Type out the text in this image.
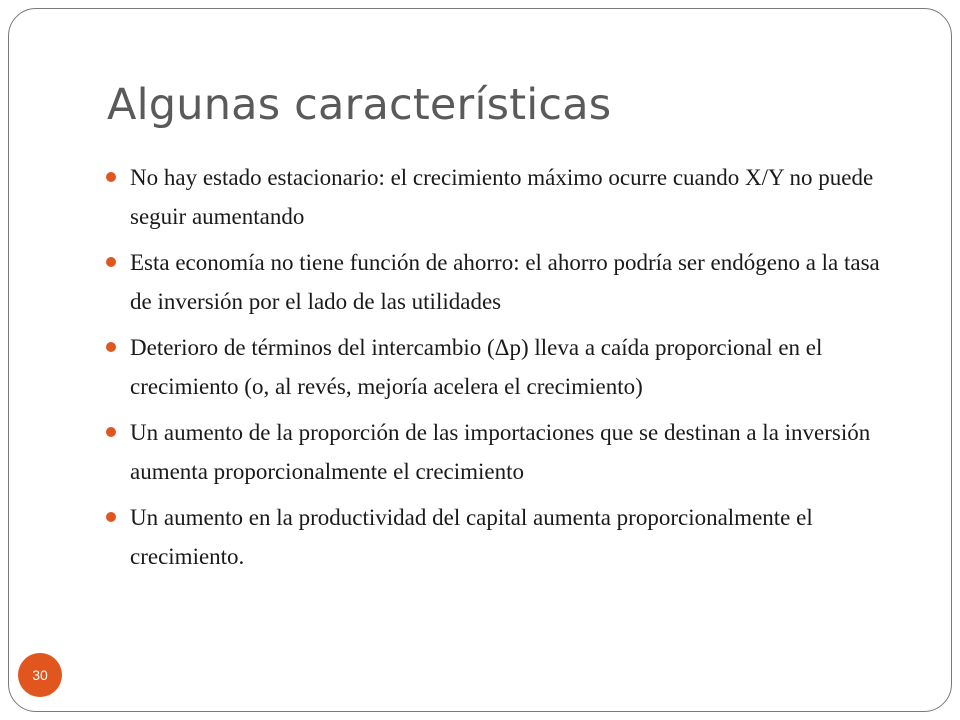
Algunas características
No hay estado estacionario: el crecimiento máximo ocurre cuando X/Y no puede seguir aumentando
Esta economía no tiene función de ahorro: el ahorro podría ser endógeno a la tasa de inversión por el lado de las utilidades
Deterioro de términos del intercambio (Δp) lleva a caída proporcional en el crecimiento (o, al revés, mejoría acelera el crecimiento)
Un aumento de la proporción de las importaciones que se destinan a la inversión aumenta proporcionalmente el crecimiento
Un aumento en la productividad del capital aumenta proporcionalmente el crecimiento.
30
